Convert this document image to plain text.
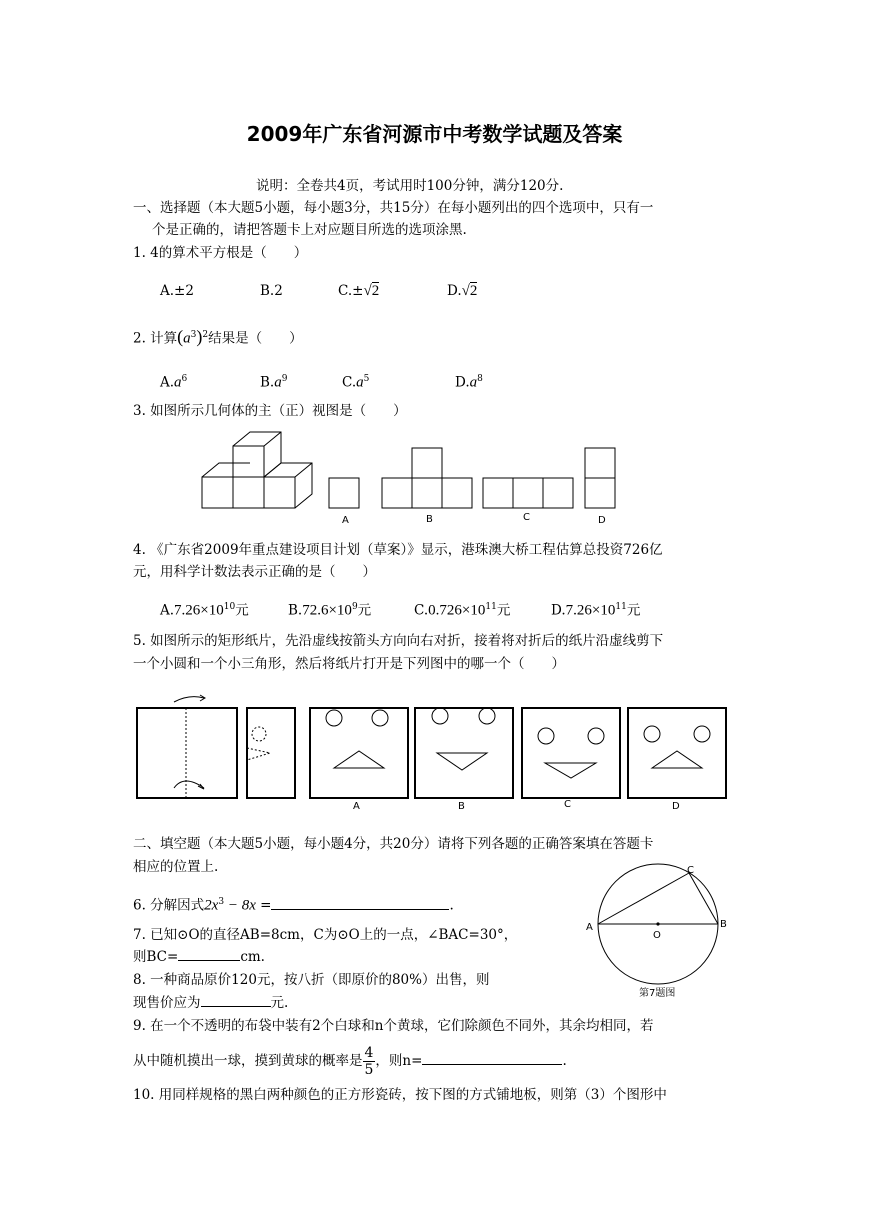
2009年广东省河源市中考数学试题及答案
说明：全卷共4页，考试用时100分钟，满分120分.
一、选择题（本大题5小题，每小题3分，共15分）在每小题列出的四个选项中，只有一
个是正确的，请把答题卡上对应题目所选的选项涂黑.
1. 4的算术平方根是（　　）
A.±2	B.2	C.±√2	D.√2
2. 计算$(a^3)^2$结果是（　　）
$A.a^6$	$B.a^9$	$C.a^5$	$D.a^8$
3. 如图所示几何体的主（正）视图是（　　）
A	B	C	D
4. 《广东省2009年重点建设项目计划（草案）》显示，港珠澳大桥工程估算总投资726亿
元，用科学计数法表示正确的是（　　）
$A.7.26\times 10^{10}$元	$B.72.6\times 10^9$元	$C.0.726\times 10^{11}$元	$D.7.26\times 10^{11}$元
5. 如图所示的矩形纸片，先沿虚线按箭头方向向右对折，接着将对折后的纸片沿虚线剪下
一个小圆和一个小三角形，然后将纸片打开是下列图中的哪一个（　　）
A	B	C	D
二、填空题（本大题5小题，每小题4分，共20分）请将下列各题的正确答案填在答题卡
相应的位置上.
6. 分解因式$2x^3 - 8x$ =	.
7. 已知⊙O的直径AB=8cm，C为⊙O上的一点，∠BAC=30°，
则BC=	cm.
8. 一种商品原价120元，按八折（即原价的80%）出售，则
现售价应为	元.
9. 在一个不透明的布袋中装有2个白球和n个黄球，它们除颜色不同外，其余均相同，若
从中随机摸出一球，摸到黄球的概率是 $\frac{4}{5}$ ，则n=	.
10. 用同样规格的黑白两种颜色的正方形瓷砖，按下图的方式铺地板，则第（3）个图形中
A	B
C
O
第7题图
